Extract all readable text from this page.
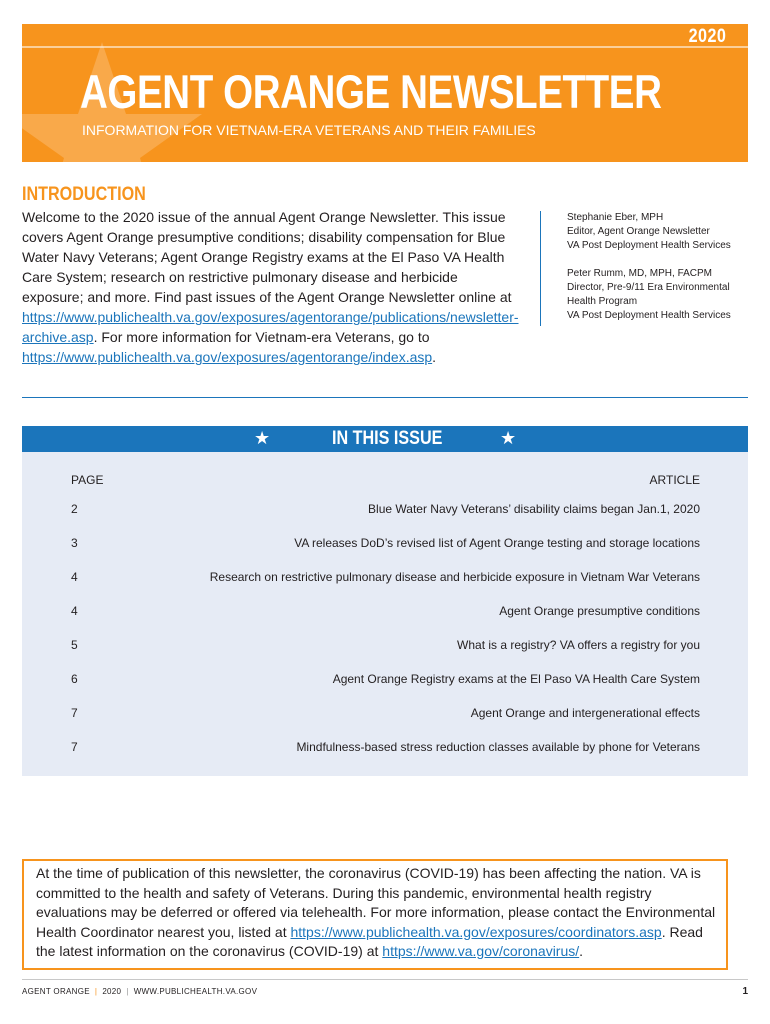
2020
AGENT ORANGE NEWSLETTER
INFORMATION FOR VIETNAM-ERA VETERANS AND THEIR FAMILIES
INTRODUCTION
Welcome to the 2020 issue of the annual Agent Orange Newsletter. This issue covers Agent Orange presumptive conditions; disability compensation for Blue Water Navy Veterans; Agent Orange Registry exams at the El Paso VA Health Care System; research on restrictive pulmonary disease and herbicide exposure; and more. Find past issues of the Agent Orange Newsletter online at https://www.publichealth.va.gov/exposures/agentorange/publications/newsletter-archive.asp. For more information for Vietnam-era Veterans, go to https://www.publichealth.va.gov/exposures/agentorange/index.asp.
Stephanie Eber, MPH
Editor, Agent Orange Newsletter
VA Post Deployment Health Services
Peter Rumm, MD, MPH, FACPM
Director, Pre-9/11 Era Environmental
Health Program
VA Post Deployment Health Services
★	IN THIS ISSUE	★
PAGE	ARTICLE
2	Blue Water Navy Veterans’ disability claims began Jan.1, 2020
3	VA releases DoD’s revised list of Agent Orange testing and storage locations
4	Research on restrictive pulmonary disease and herbicide exposure in Vietnam War Veterans
4	Agent Orange presumptive conditions
5	What is a registry? VA offers a registry for you
6	Agent Orange Registry exams at the El Paso VA Health Care System
7	Agent Orange and intergenerational effects
7	Mindfulness-based stress reduction classes available by phone for Veterans
At the time of publication of this newsletter, the coronavirus (COVID-19) has been affecting the nation. VA is committed to the health and safety of Veterans. During this pandemic, environmental health registry evaluations may be deferred or offered via telehealth. For more information, please contact the Environmental Health Coordinator nearest you, listed at https://www.publichealth.va.gov/exposures/coordinators.asp. Read the latest information on the coronavirus (COVID-19) at https://www.va.gov/coronavirus/.
AGENT ORANGE | 2020 | WWW.PUBLICHEALTH.VA.GOV	1
